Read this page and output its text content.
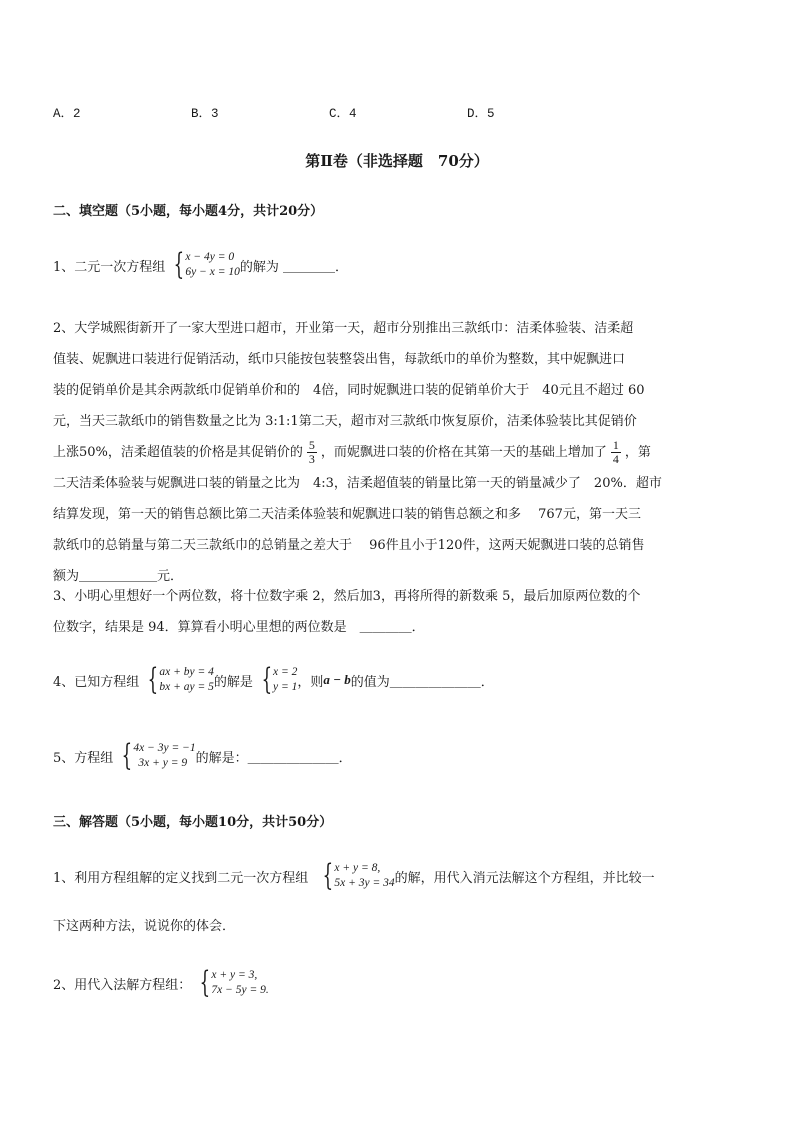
A．2	B．3	C．4	D．5
第Ⅱ卷（非选择题　70分）
二、填空题（5小题，每小题4分，共计20分）
1、二元一次方程组 { x − 4y = 0
6y − x = 10 的解为 ＿＿＿＿．
2、大学城熙街新开了一家大型进口超市，开业第一天，超市分别推出三款纸巾：洁柔体验装、洁柔超
值装、妮飘进口装进行促销活动，纸巾只能按包装整袋出售，每款纸巾的单价为整数，其中妮飘进口
装的促销单价是其余两款纸巾促销单价和的　4倍，同时妮飘进口装的促销单价大于　40元且不超过 60
元，当天三款纸巾的销售数量之比为 3:1:1第二天，超市对三款纸巾恢复原价，洁柔体验装比其促销价
上涨50%，洁柔超值装的价格是其促销价的 $\frac{5}{3}$ ，而妮飘进口装的价格在其第一天的基础上增加了 $\frac{1}{4}$ ，第
二天洁柔体验装与妮飘进口装的销量之比为　4:3，洁柔超值装的销量比第一天的销量减少了　20%．超市
结算发现，第一天的销售总额比第二天洁柔体验装和妮飘进口装的销售总额之和多　 767元，第一天三
款纸巾的总销量与第二天三款纸巾的总销量之差大于　 96件且小于120件，这两天妮飘进口装的总销售
额为＿＿＿＿＿＿元．
3、小明心里想好一个两位数，将十位数字乘 2，然后加3，再将所得的新数乘 5，最后加原两位数的个
位数字，结果是 94．算算看小明心里想的两位数是　＿＿＿＿．
4、已知方程组 { ax + by = 4
bx + ay = 5 的解是 { x = 2
y = 1 ，则 a − b 的值为＿＿＿＿＿＿＿．
5、方程组 { 4x − 3y = −1
3x + y = 9 的解是：＿＿＿＿＿＿＿．
三、解答题（5小题，每小题10分，共计50分）
1、利用方程组解的定义找到二元一次方程组 { x + y = 8,
5x + 3y = 34 的解，用代入消元法解这个方程组，并比较一
下这两种方法，说说你的体会．
2、用代入法解方程组： { x + y = 3,
7x − 5y = 9.
